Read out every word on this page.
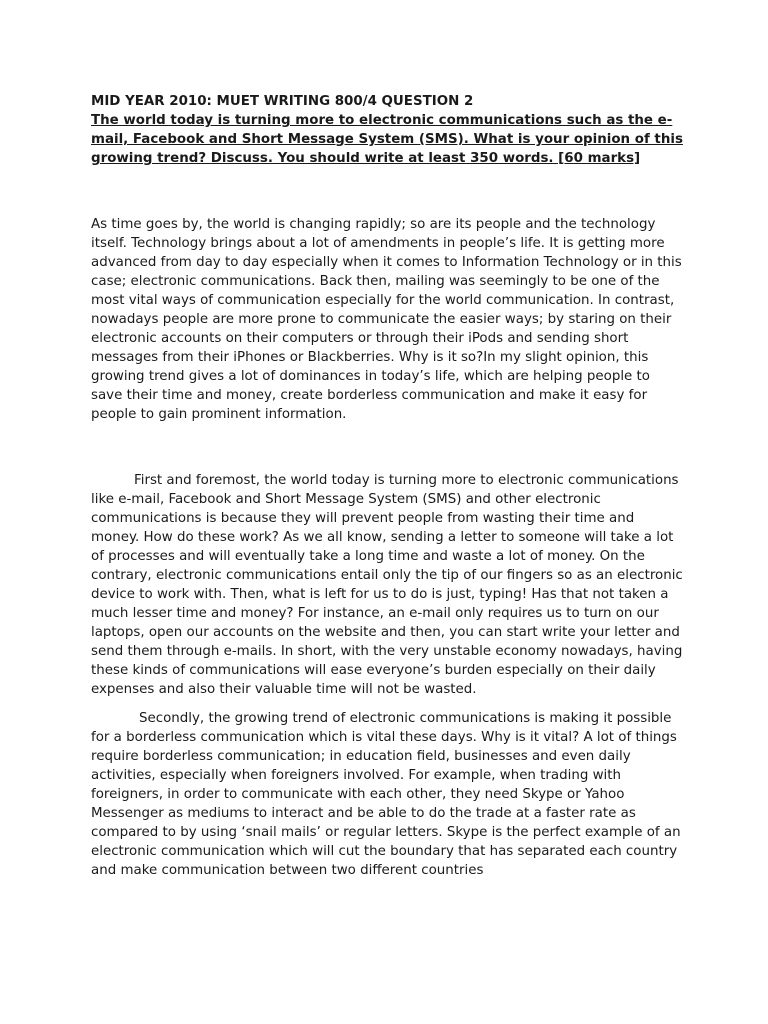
MID YEAR 2010: MUET WRITING 800/4 QUESTION 2

The world today is turning more to electronic communications such as the e-mail, Facebook and Short Message System (SMS). What is your opinion of this growing trend? Discuss. You should write at least 350 words. [60 marks]

As time goes by, the world is changing rapidly; so are its people and the technology itself. Technology brings about a lot of amendments in people’s life. It is getting more advanced from day to day especially when it comes to Information Technology or in this case; electronic communications. Back then, mailing was seemingly to be one of the most vital ways of communication especially for the world communication. In contrast, nowadays people are more prone to communicate the easier ways; by staring on their electronic accounts on their computers or through their iPods and sending short messages from their iPhones or Blackberries. Why is it so?In my slight opinion, this growing trend gives a lot of dominances in today’s life, which are helping people to save their time and money, create borderless communication and make it easy for people to gain prominent information.

First and foremost, the world today is turning more to electronic communications like e-mail, Facebook and Short Message System (SMS) and other electronic communications is because they will prevent people from wasting their time and money. How do these work? As we all know, sending a letter to someone will take a lot of processes and will eventually take a long time and waste a lot of money. On the contrary, electronic communications entail only the tip of our fingers so as an electronic device to work with. Then, what is left for us to do is just, typing! Has that not taken a much lesser time and money? For instance, an e-mail only requires us to turn on our laptops, open our accounts on the website and then, you can start write your letter and send them through e-mails. In short, with the very unstable economy nowadays, having these kinds of communications will ease everyone’s burden especially on their daily expenses and also their valuable time will not be wasted.

Secondly, the growing trend of electronic communications is making it possible for a borderless communication which is vital these days. Why is it vital? A lot of things require borderless communication; in education field, businesses and even daily activities, especially when foreigners involved. For example, when trading with foreigners, in order to communicate with each other, they need Skype or Yahoo Messenger as mediums to interact and be able to do the trade at a faster rate as compared to by using ‘snail mails’ or regular letters. Skype is the perfect example of an electronic communication which will cut the boundary that has separated each country and make communication between two different countries
